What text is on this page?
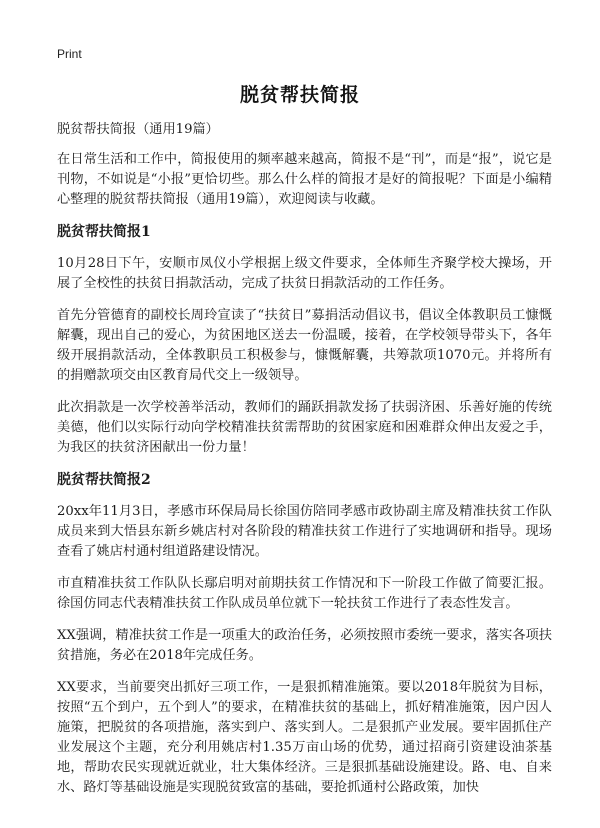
Print
脱贫帮扶简报

脱贫帮扶简报（通用19篇）

在日常生活和工作中，简报使用的频率越来越高，简报不是“刊”，而是“报”，说它是刊物，不如说是“小报”更恰切些。那么什么样的简报才是好的简报呢？下面是小编精心整理的脱贫帮扶简报（通用19篇），欢迎阅读与收藏。

脱贫帮扶简报1

10月28日下午，安顺市凤仪小学根据上级文件要求，全体师生齐聚学校大操场，开展了全校性的扶贫日捐款活动，完成了扶贫日捐款活动的工作任务。

首先分管德育的副校长周玲宣读了“扶贫日”募捐活动倡议书，倡议全体教职员工慷慨解囊，现出自己的爱心，为贫困地区送去一份温暖，接着，在学校领导带头下，各年级开展捐款活动，全体教职员工积极参与，慷慨解囊，共筹款项1070元。并将所有的捐赠款项交由区教育局代交上一级领导。

此次捐款是一次学校善举活动，教师们的踊跃捐款发扬了扶弱济困、乐善好施的传统美德，他们以实际行动向学校精准扶贫需帮助的贫困家庭和困难群众伸出友爱之手，为我区的扶贫济困献出一份力量！

脱贫帮扶简报2

20xx年11月3日，孝感市环保局局长徐国仿陪同孝感市政协副主席及精准扶贫工作队成员来到大悟县东新乡姚店村对各阶段的精准扶贫工作进行了实地调研和指导。现场查看了姚店村通村组道路建设情况。

市直精准扶贫工作队队长鄢启明对前期扶贫工作情况和下一阶段工作做了简要汇报。徐国仿同志代表精准扶贫工作队成员单位就下一轮扶贫工作进行了表态性发言。

XX强调，精准扶贫工作是一项重大的政治任务，必须按照市委统一要求，落实各项扶贫措施，务必在2018年完成任务。

XX要求，当前要突出抓好三项工作，一是狠抓精准施策。要以2018年脱贫为目标，按照“五个到户，五个到人”的要求，在精准扶贫的基础上，抓好精准施策，因户因人施策，把脱贫的各项措施，落实到户、落实到人。二是狠抓产业发展。要牢固抓住产业发展这个主题，充分利用姚店村1.35万亩山场的优势，通过招商引资建设油茶基地，帮助农民实现就近就业，壮大集体经济。三是狠抓基础设施建设。路、电、自来水、路灯等基础设施是实现脱贫致富的基础，要抢抓通村公路政策，加快
